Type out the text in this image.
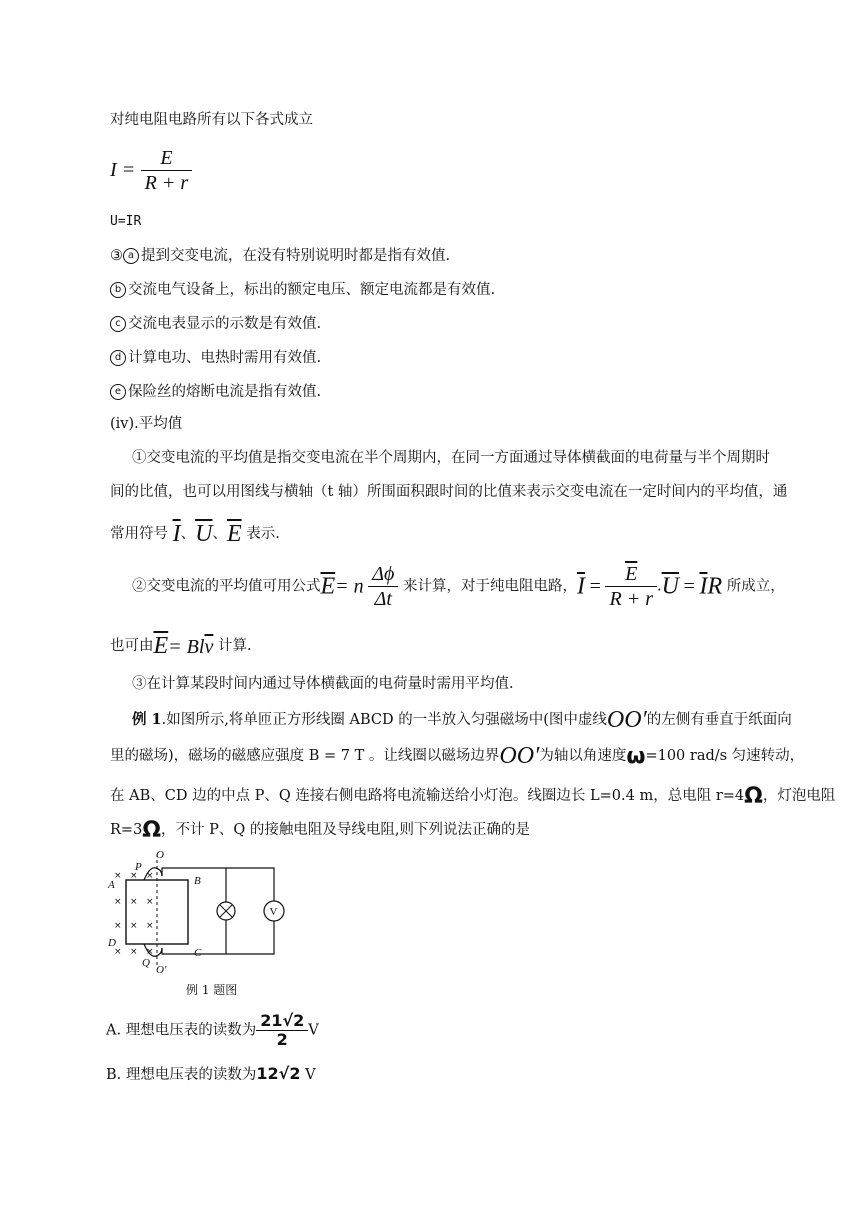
对纯电阻电路所有以下各式成立
$I = \frac{E}{R + r}$
U=IR
③ a 提到交变电流，在没有特别说明时都是指有效值.
b 交流电气设备上，标出的额定电压、额定电流都是有效值.
c 交流电表显示的示数是有效值.
d 计算电功、电热时需用有效值.
e 保险丝的熔断电流是指有效值.
(iv).平均值
①交变电流的平均值是指交变电流在半个周期内，在同一方面通过导体横截面的电荷量与半个周期时
间的比值，也可以用图线与横轴（t 轴）所围面积跟时间的比值来表示交变电流在一定时间内的平均值，通
常用符号 $\overline{I}$、$\overline{U}$、$\overline{E}$ 表示.
②交变电流的平均值可用公式$\overline{E}= n \frac{\Delta\phi}{\Delta t}$ 来计算，对于纯电阻电路，$\overline{I} = \frac{\overline{E}}{R + r} .\overline{U} = \overline{I}R$ 所成立，
也可由$\overline{E}= Bl\overline{v}$ 计算.
③在计算某段时间内通过导体横截面的电荷量时需用平均值.
例 1.如图所示,将单匝正方形线圈 ABCD 的一半放入匀强磁场中(图中虚线OO′的左侧有垂直于纸面向
里的磁场)，磁场的磁感应强度 B = 7 T 。让线圈以磁场边界OO′为轴以角速度ω=100 rad/s 匀速转动，
在 AB、CD 边的中点 P、Q 连接右侧电路将电流输送给小灯泡。线圈边长 L=0.4 m，总电阻 r=4Ω，灯泡电阻
R=3Ω，不计 P、Q 的接触电阻及导线电阻,则下列说法正确的是
P
O
A	B
D
C
Q
O′
× × ×
× × ×
× × ×
× × ×
V
例 1 题图
A. 理想电压表的读数为 $\frac{21√2}{2}$ V
B. 理想电压表的读数为12√2 V
